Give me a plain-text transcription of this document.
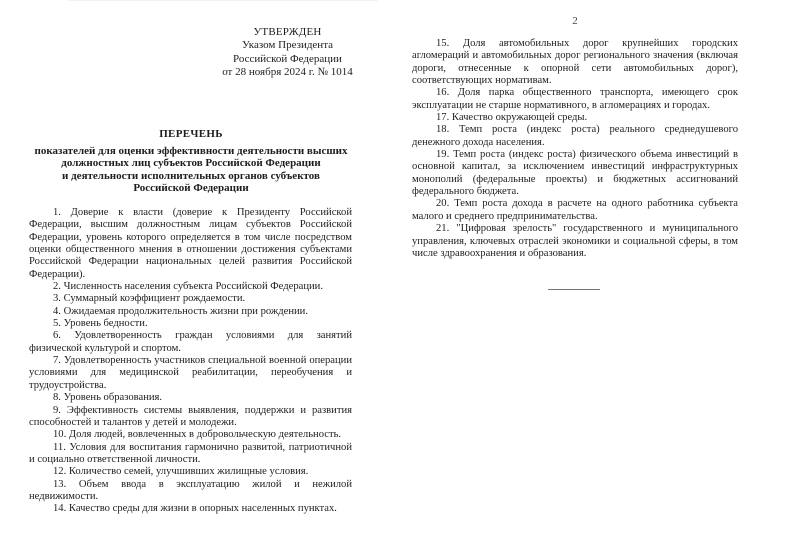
УТВЕРЖДЕН
Указом Президента
Российской Федерации
от 28 ноября 2024 г. № 1014
ПЕРЕЧЕНЬ
показателей для оценки эффективности деятельности высших
должностных лиц субъектов Российской Федерации
и деятельности исполнительных органов субъектов
Российской Федерации
1. Доверие к власти (доверие к Президенту Российской Федерации, высшим должностным лицам субъектов Российской Федерации, уровень которого определяется в том числе посредством оценки общественного мнения в отношении достижения субъектами Российской Федерации национальных целей развития Российской Федерации).
2. Численность населения субъекта Российской Федерации.
3. Суммарный коэффициент рождаемости.
4. Ожидаемая продолжительность жизни при рождении.
5. Уровень бедности.
6. Удовлетворенность граждан условиями для занятий физической культурой и спортом.
7. Удовлетворенность участников специальной военной операции условиями для медицинской реабилитации, переобучения и трудоустройства.
8. Уровень образования.
9. Эффективность системы выявления, поддержки и развития способностей и талантов у детей и молодежи.
10. Доля людей, вовлеченных в добровольческую деятельность.
11. Условия для воспитания гармонично развитой, патриотичной и социально ответственной личности.
12. Количество семей, улучшивших жилищные условия.
13. Объем ввода в эксплуатацию жилой и нежилой недвижимости.
14. Качество среды для жизни в опорных населенных пунктах.
2
15. Доля автомобильных дорог крупнейших городских агломераций и автомобильных дорог регионального значения (включая дороги, отнесенные к опорной сети автомобильных дорог), соответствующих нормативам.
16. Доля парка общественного транспорта, имеющего срок эксплуатации не старше нормативного, в агломерациях и городах.
17. Качество окружающей среды.
18. Темп роста (индекс роста) реального среднедушевого денежного дохода населения.
19. Темп роста (индекс роста) физического объема инвестиций в основной капитал, за исключением инвестиций инфраструктурных монополий (федеральные проекты) и бюджетных ассигнований федерального бюджета.
20. Темп роста дохода в расчете на одного работника субъекта малого и среднего предпринимательства.
21. "Цифровая зрелость" государственного и муниципального управления, ключевых отраслей экономики и социальной сферы, в том числе здравоохранения и образования.
